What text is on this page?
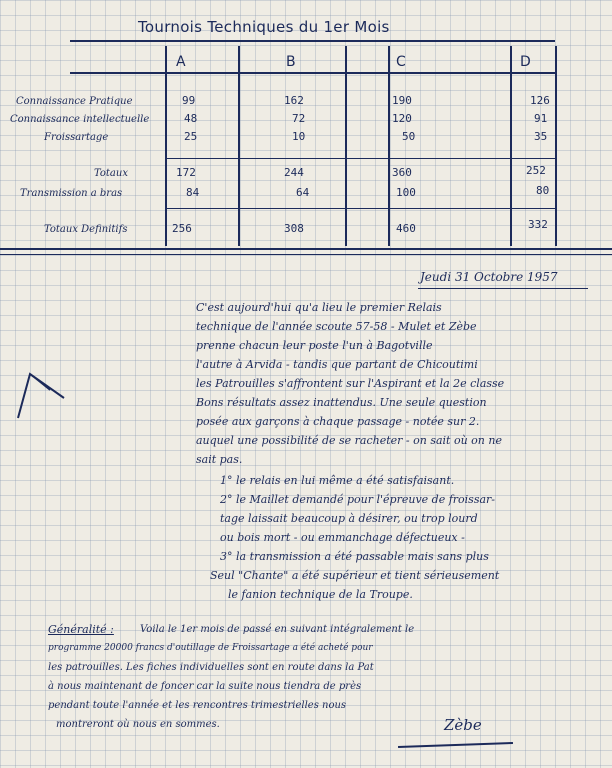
Tournois Techniques du 1er Mois
A	B	C	D
Connaissance Pratique	99	162	190	126
Connaissance intellectuelle	48	72	120	91
Froissartage	25	10	50	35
Totaux	172	244	360	252
Transmission a bras	84	64	100	80
Totaux Definitifs	256	308	460	332
Jeudi 31 Octobre 1957
C'est aujourd'hui qu'a lieu le premier Relais
technique de l'année scoute 57-58 - Mulet et Zèbe
prenne chacun leur poste l'un à Bagotville
l'autre à Arvida - tandis que partant de Chicoutimi
les Patrouilles s'affrontent sur l'Aspirant et la 2e classe
Bons résultats assez inattendus. Une seule question
posée aux garçons à chaque passage - notée sur 2.
auquel une possibilité de se racheter - on sait où on ne
sait pas.
1° le relais en lui même a été satisfaisant.
2° le Maillet demandé pour l'épreuve de froissar-
tage laissait beaucoup à désirer, ou trop lourd
ou bois mort - ou emmanchage défectueux -
3° la transmission a été passable mais sans plus
Seul "Chante" a été supérieur et tient sérieusement
le fanion technique de la Troupe.
Généralité :	Voila le 1er mois de passé en suivant intégralement le
programme 20000 francs d'outillage de Froissartage a été acheté pour
les patrouilles. Les fiches individuelles sont en route dans la Pat
à nous maintenant de foncer car la suite nous tiendra de près
pendant toute l'année et les rencontres trimestrielles nous
montreront où nous en sommes.	Zèbe
